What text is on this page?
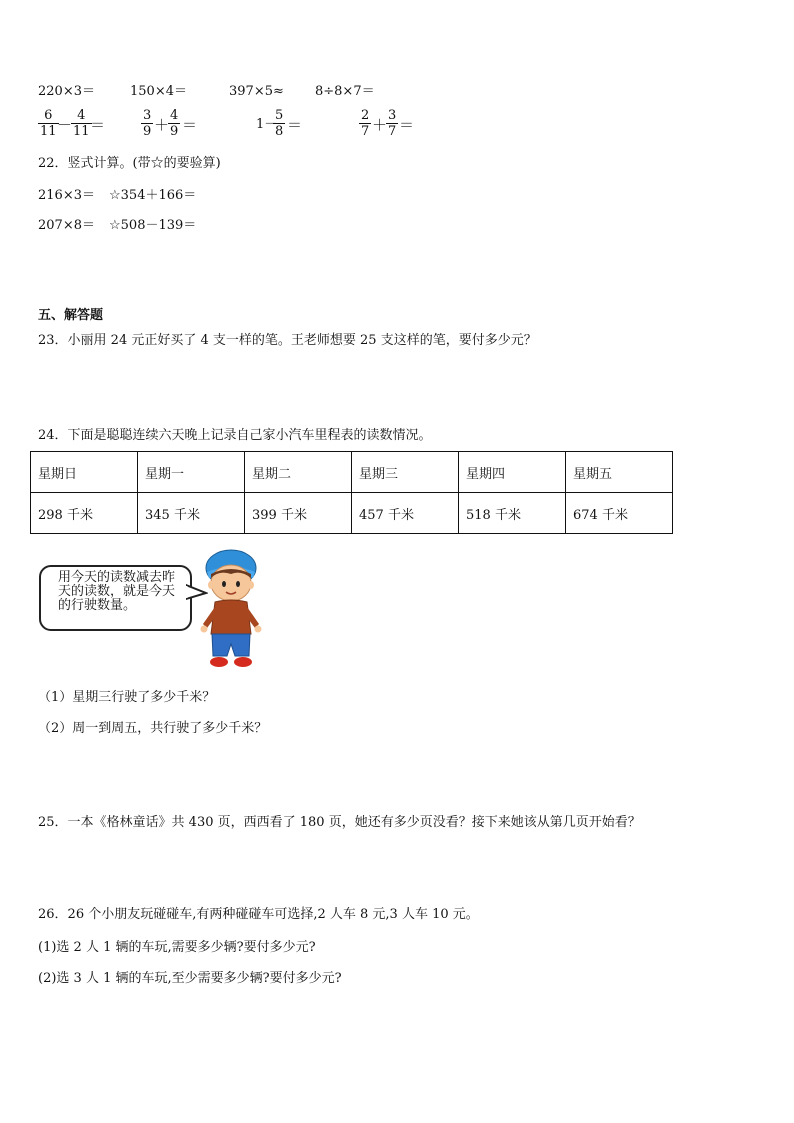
220×3＝	150×4＝	397×5≈ 8÷8×7＝
6
11 －
4
11 ＝
3
9 ＋
4
9 ＝	1－
5
8 ＝
2
7 ＋
3
7 ＝
22．竖式计算。(带☆的要验算)
216×3＝ ☆354＋166＝
207×8＝ ☆508－139＝
五、解答题
23．小丽用 24 元正好买了 4 支一样的笔。王老师想要 25 支这样的笔，要付多少元？
24．下面是聪聪连续六天晚上记录自己家小汽车里程表的读数情况。
星期日	星期一	星期二	星期三	星期四	星期五
298 千米	345 千米	399 千米	457 千米	518 千米	674 千米
用今天的读数减去昨天的读数，就是今天的行驶数量。
（1）星期三行驶了多少千米？
（2）周一到周五，共行驶了多少千米？
25．一本《格林童话》共 430 页，西西看了 180 页，她还有多少页没看？接下来她该从第几页开始看？
26．26 个小朋友玩碰碰车,有两种碰碰车可选择,2 人车 8 元,3 人车 10 元。
(1)选 2 人 1 辆的车玩,需要多少辆?要付多少元?
(2)选 3 人 1 辆的车玩,至少需要多少辆?要付多少元?
